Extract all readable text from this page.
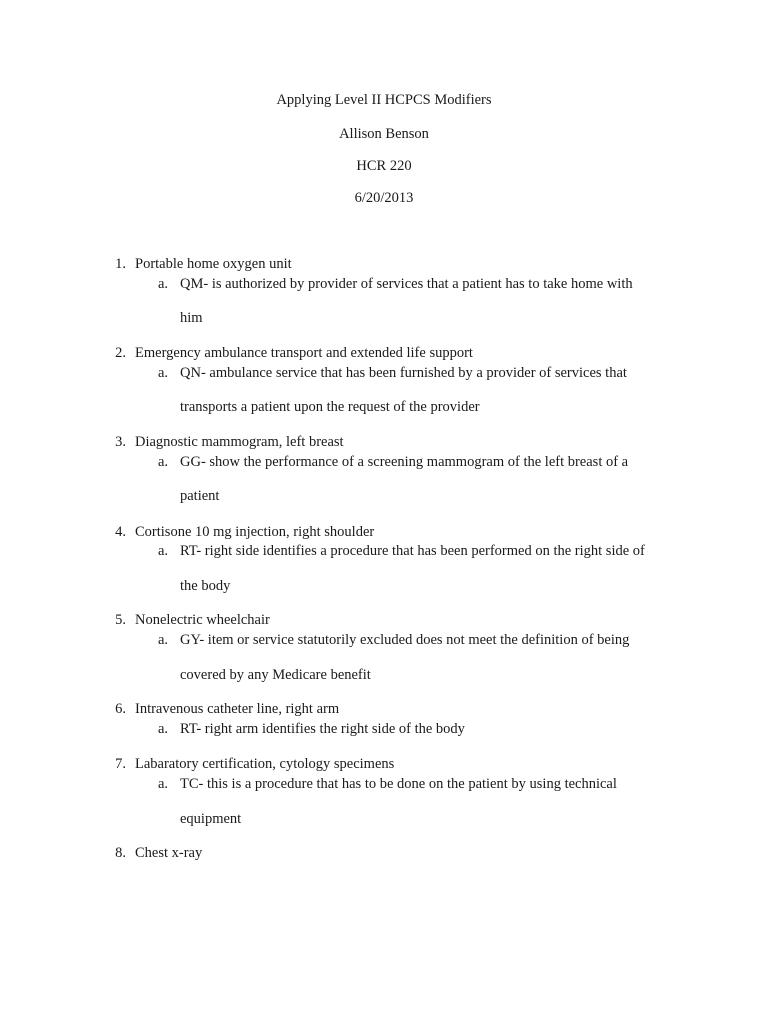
Applying Level II HCPCS Modifiers
Allison Benson
HCR 220
6/20/2013
1. Portable home oxygen unit
a. QM- is authorized by provider of services that a patient has to take home with
him
2. Emergency ambulance transport and extended life support
a. QN- ambulance service that has been furnished by a provider of services that
transports a patient upon the request of the provider
3. Diagnostic mammogram, left breast
a. GG- show the performance of a screening mammogram of the left breast of a
patient
4. Cortisone 10 mg injection, right shoulder
a. RT- right side identifies a procedure that has been performed on the right side of
the body
5. Nonelectric wheelchair
a. GY- item or service statutorily excluded does not meet the definition of being
covered by any Medicare benefit
6. Intravenous catheter line, right arm
a. RT- right arm identifies the right side of the body
7. Labaratory certification, cytology specimens
a. TC- this is a procedure that has to be done on the patient by using technical
equipment
8. Chest x-ray
